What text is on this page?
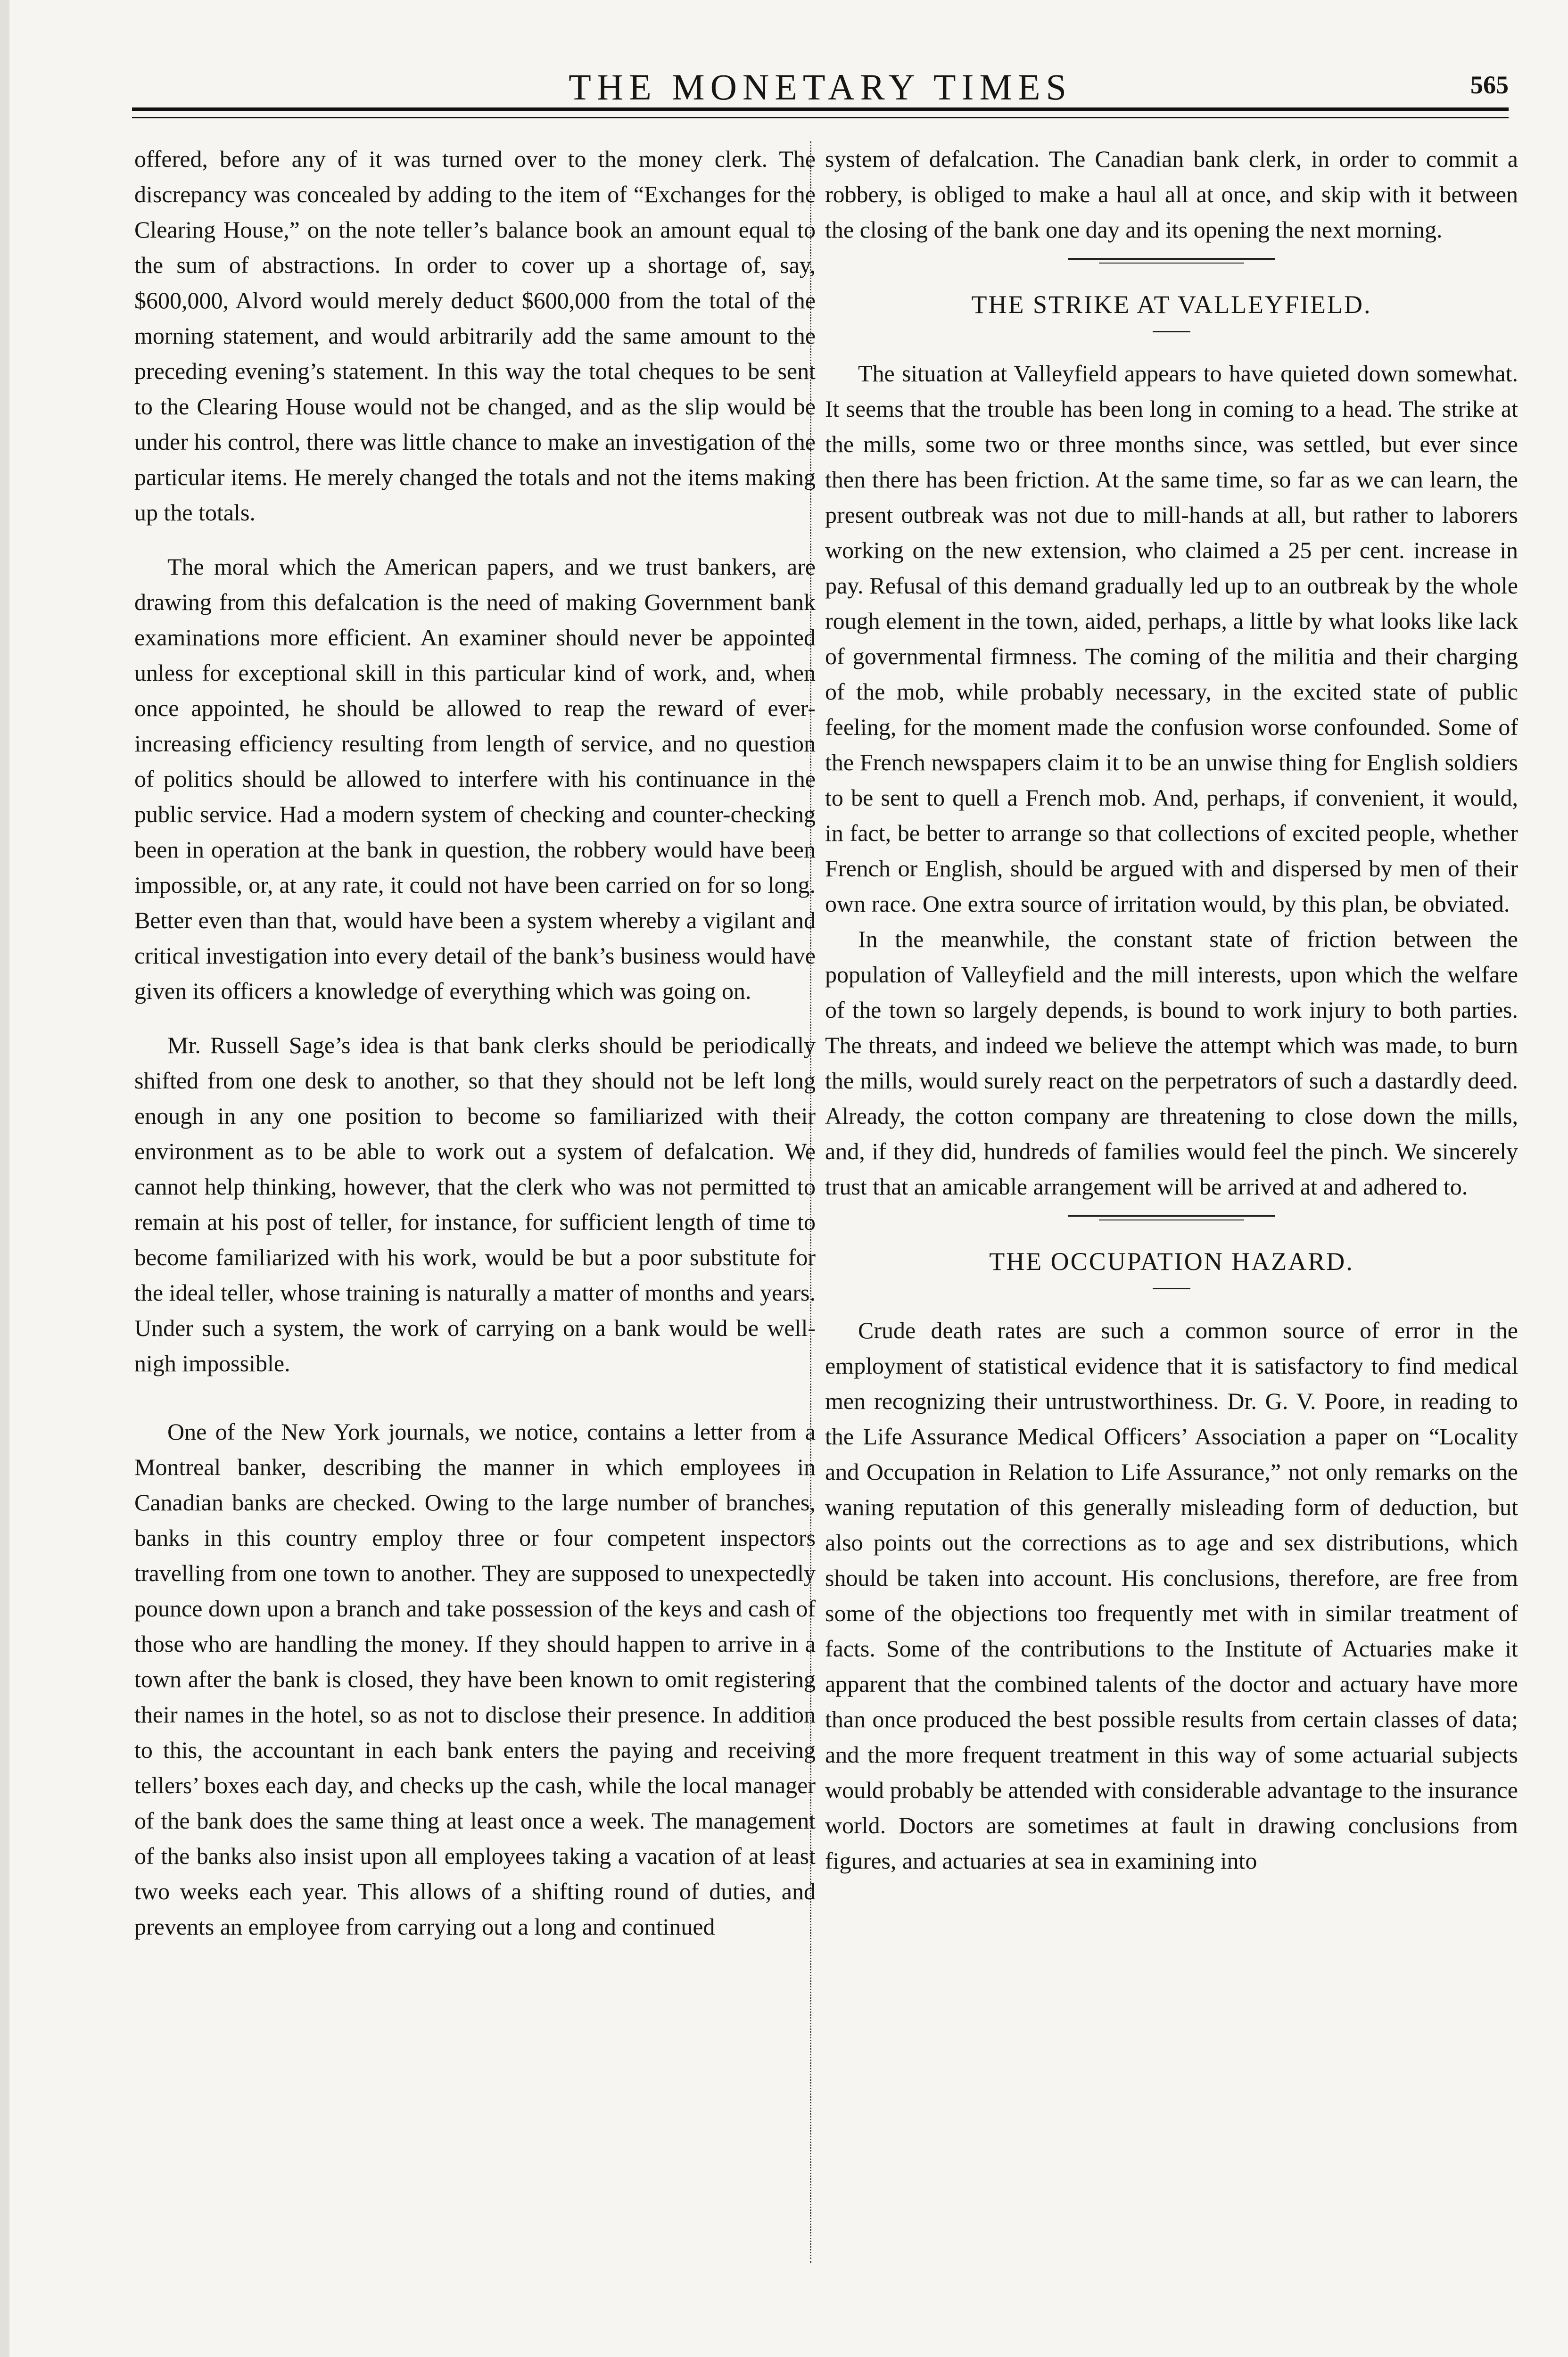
THE MONETARY TIMES	565

offered, before any of it was turned over to the money clerk. The discrepancy was concealed by adding to the item of “Exchanges for the Clearing House,” on the note teller’s balance book an amount equal to the sum of abstractions. In order to cover up a shortage of, say, $600,000, Alvord would merely deduct $600,000 from the total of the morning statement, and would arbitrarily add the same amount to the preceding evening’s statement. In this way the total cheques to be sent to the Clearing House would not be changed, and as the slip would be under his control, there was little chance to make an investigation of the particular items. He merely changed the totals and not the items making up the totals.

The moral which the American papers, and we trust bankers, are drawing from this defalcation is the need of making Government bank examinations more efficient. An examiner should never be appointed unless for exceptional skill in this particular kind of work, and, when once appointed, he should be allowed to reap the reward of ever-increasing efficiency resulting from length of service, and no question of politics should be allowed to interfere with his continuance in the public service. Had a modern system of checking and counter-checking been in operation at the bank in question, the robbery would have been impossible, or, at any rate, it could not have been carried on for so long. Better even than that, would have been a system whereby a vigilant and critical investigation into every detail of the bank’s business would have given its officers a knowledge of everything which was going on.

Mr. Russell Sage’s idea is that bank clerks should be periodically shifted from one desk to another, so that they should not be left long enough in any one position to become so familiarized with their environment as to be able to work out a system of defalcation. We cannot help thinking, however, that the clerk who was not permitted to remain at his post of teller, for instance, for sufficient length of time to become familiarized with his work, would be but a poor substitute for the ideal teller, whose training is naturally a matter of months and years. Under such a system, the work of carrying on a bank would be well-nigh impossible.

One of the New York journals, we notice, contains a letter from a Montreal banker, describing the manner in which employees in Canadian banks are checked. Owing to the large number of branches, banks in this country employ three or four competent inspectors travelling from one town to another. They are supposed to unexpectedly pounce down upon a branch and take possession of the keys and cash of those who are handling the money. If they should happen to arrive in a town after the bank is closed, they have been known to omit registering their names in the hotel, so as not to disclose their presence. In addition to this, the accountant in each bank enters the paying and receiving tellers’ boxes each day, and checks up the cash, while the local manager of the bank does the same thing at least once a week. The management of the banks also insist upon all employees taking a vacation of at least two weeks each year. This allows of a shifting round of duties, and prevents an employee from carrying out a long and continued

system of defalcation. The Canadian bank clerk, in order to commit a robbery, is obliged to make a haul all at once, and skip with it between the closing of the bank one day and its opening the next morning.

THE STRIKE AT VALLEYFIELD.

The situation at Valleyfield appears to have quieted down somewhat. It seems that the trouble has been long in coming to a head. The strike at the mills, some two or three months since, was settled, but ever since then there has been friction. At the same time, so far as we can learn, the present outbreak was not due to mill-hands at all, but rather to laborers working on the new extension, who claimed a 25 per cent. increase in pay. Refusal of this demand gradually led up to an outbreak by the whole rough element in the town, aided, perhaps, a little by what looks like lack of governmental firmness. The coming of the militia and their charging of the mob, while probably necessary, in the excited state of public feeling, for the moment made the confusion worse confounded. Some of the French newspapers claim it to be an unwise thing for English soldiers to be sent to quell a French mob. And, perhaps, if convenient, it would, in fact, be better to arrange so that collections of excited people, whether French or English, should be argued with and dispersed by men of their own race. One extra source of irritation would, by this plan, be obviated.

In the meanwhile, the constant state of friction between the population of Valleyfield and the mill interests, upon which the welfare of the town so largely depends, is bound to work injury to both parties. The threats, and indeed we believe the attempt which was made, to burn the mills, would surely react on the perpetrators of such a dastardly deed. Already, the cotton company are threatening to close down the mills, and, if they did, hundreds of families would feel the pinch. We sincerely trust that an amicable arrangement will be arrived at and adhered to.

THE OCCUPATION HAZARD.

Crude death rates are such a common source of error in the employment of statistical evidence that it is satisfactory to find medical men recognizing their untrustworthiness. Dr. G. V. Poore, in reading to the Life Assurance Medical Officers’ Association a paper on “Locality and Occupation in Relation to Life Assurance,” not only remarks on the waning reputation of this generally misleading form of deduction, but also points out the corrections as to age and sex distributions, which should be taken into account. His conclusions, therefore, are free from some of the objections too frequently met with in similar treatment of facts. Some of the contributions to the Institute of Actuaries make it apparent that the combined talents of the doctor and actuary have more than once produced the best possible results from certain classes of data; and the more frequent treatment in this way of some actuarial subjects would probably be attended with considerable advantage to the insurance world. Doctors are sometimes at fault in drawing conclusions from figures, and actuaries at sea in examining into
